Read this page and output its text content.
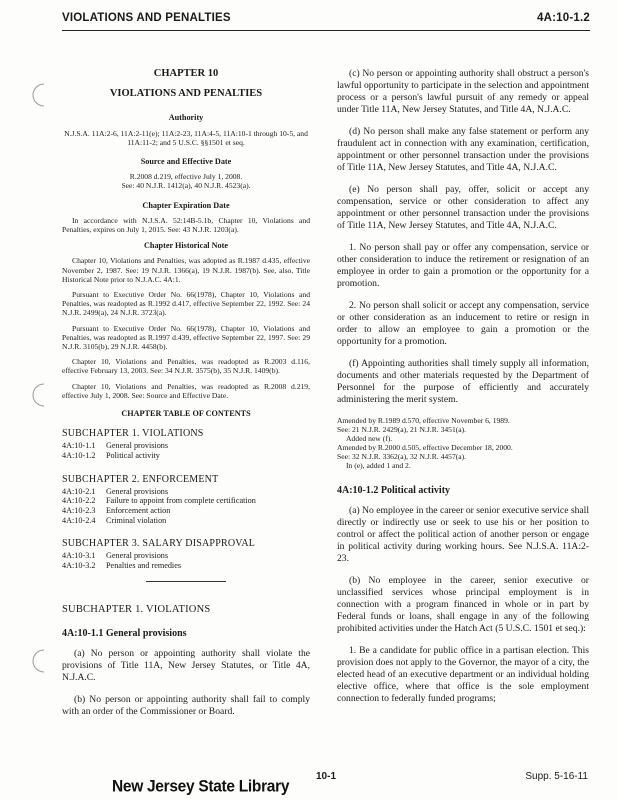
VIOLATIONS AND PENALTIES	4A:10-1.2
CHAPTER 10
VIOLATIONS AND PENALTIES
Authority
N.J.S.A. 11A:2-6, 11A:2-11(e); 11A:2-23, 11A:4-5, 11A:10-1 through 10-5, and 11A:11-2; and 5 U.S.C. §§1501 et seq.
Source and Effective Date
R.2008 d.219, effective July 1, 2008.
See: 40 N.J.R. 1412(a), 40 N.J.R. 4523(a).
Chapter Expiration Date
In accordance with N.J.S.A. 52:14B-5.1b, Chapter 10, Violations and Penalties, expires on July 1, 2015. See: 43 N.J.R. 1203(a).
Chapter Historical Note
Chapter 10, Violations and Penalties, was adopted as R.1987 d.435, effective November 2, 1987. See: 19 N.J.R. 1366(a), 19 N.J.R. 1987(b). See, also, Title Historical Note prior to N.J.A.C. 4A:1.
Pursuant to Executive Order No. 66(1978), Chapter 10, Violations and Penalties, was readopted as R.1992 d.417, effective September 22, 1992. See: 24 N.J.R. 2499(a), 24 N.J.R. 3723(a).
Pursuant to Executive Order No. 66(1978), Chapter 10, Violations and Penalties, was readopted as R.1997 d.439, effective September 22, 1997. See: 29 N.J.R. 3105(b), 29 N.J.R. 4458(b).
Chapter 10, Violations and Penalties, was readopted as R.2003 d.116, effective February 13, 2003. See: 34 N.J.R. 3575(b), 35 N.J.R. 1409(b).
Chapter 10, Violations and Penalties, was readopted as R.2008 d.219, effective July 1, 2008. See: Source and Effective Date.
CHAPTER TABLE OF CONTENTS
SUBCHAPTER 1. VIOLATIONS
4A:10-1.1	General provisions
4A:10-1.2	Political activity
SUBCHAPTER 2. ENFORCEMENT
4A:10-2.1	General provisions
4A:10-2.2	Failure to appoint from complete certification
4A:10-2.3	Enforcement action
4A:10-2.4	Criminal violation
SUBCHAPTER 3. SALARY DISAPPROVAL
4A:10-3.1	General provisions
4A:10-3.2	Penalties and remedies
SUBCHAPTER 1. VIOLATIONS
4A:10-1.1 General provisions
(a) No person or appointing authority shall violate the provisions of Title 11A, New Jersey Statutes, or Title 4A, N.J.A.C.
(b) No person or appointing authority shall fail to comply with an order of the Commissioner or Board.
(c) No person or appointing authority shall obstruct a person's lawful opportunity to participate in the selection and appointment process or a person's lawful pursuit of any remedy or appeal under Title 11A, New Jersey Statutes, and Title 4A, N.J.A.C.
(d) No person shall make any false statement or perform any fraudulent act in connection with any examination, certification, appointment or other personnel transaction under the provisions of Title 11A, New Jersey Statutes, and Title 4A, N.J.A.C.
(e) No person shall pay, offer, solicit or accept any compensation, service or other consideration to affect any appointment or other personnel transaction under the provisions of Title 11A, New Jersey Statutes, and Title 4A, N.J.A.C.
1. No person shall pay or offer any compensation, service or other consideration to induce the retirement or resignation of an employee in order to gain a promotion or the opportunity for a promotion.
2. No person shall solicit or accept any compensation, service or other consideration as an inducement to retire or resign in order to allow an employee to gain a promotion or the opportunity for a promotion.
(f) Appointing authorities shall timely supply all information, documents and other materials requested by the Department of Personnel for the purpose of efficiently and accurately administering the merit system.
Amended by R.1989 d.570, effective November 6, 1989.
See: 21 N.J.R. 2429(a), 21 N.J.R. 3451(a).
Added new (f).
Amended by R.2000 d.505, effective December 18, 2000.
See: 32 N.J.R. 3362(a), 32 N.J.R. 4457(a).
In (e), added 1 and 2.
4A:10-1.2 Political activity
(a) No employee in the career or senior executive service shall directly or indirectly use or seek to use his or her position to control or affect the political action of another person or engage in political activity during working hours. See N.J.S.A. 11A:2-23.
(b) No employee in the career, senior executive or unclassified services whose principal employment is in connection with a program financed in whole or in part by Federal funds or loans, shall engage in any of the following prohibited activities under the Hatch Act (5 U.S.C. 1501 et seq.):
1. Be a candidate for public office in a partisan election. This provision does not apply to the Governor, the mayor of a city, the elected head of an executive department or an individual holding elective office, where that office is the sole employment connection to federally funded programs;
10-1	Supp. 5-16-11
New Jersey State Library
